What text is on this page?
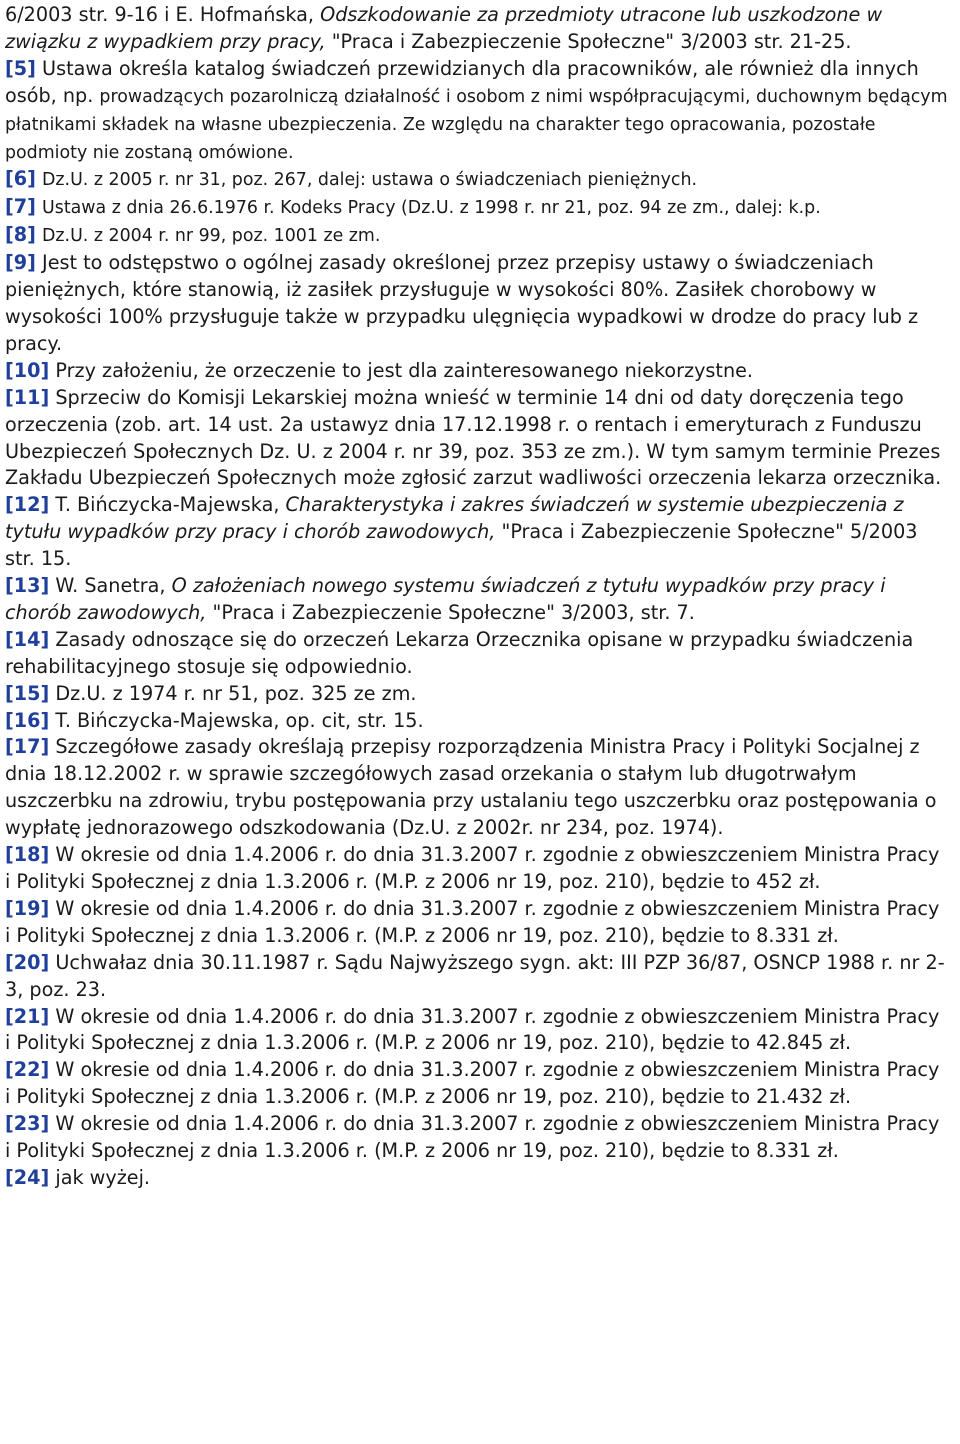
6/2003 str. 9-16 i E. Hofmańska, Odszkodowanie za przedmioty utracone lub uszkodzone w związku z wypadkiem przy pracy, "Praca i Zabezpieczenie Społeczne" 3/2003 str. 21-25.

[ 5 ] Ustawa określa katalog świadczeń przewidzianych dla pracowników, ale również dla innych osób, np. prowadzących pozarolniczą działalność i osobom z nimi współpracującymi, duchownym będącym płatnikami składek na własne ubezpieczenia. Ze względu na charakter tego opracowania, pozostałe podmioty nie zostaną omówione.

[ 6 ] Dz.U. z 2005 r. nr 31, poz. 267, dalej: ustawa o świadczeniach pieniężnych.

[ 7 ] Ustawa z dnia 26.6.1976 r. Kodeks Pracy (Dz.U. z 1998 r. nr 21, poz. 94 ze zm., dalej: k.p.

[ 8 ] Dz.U. z 2004 r. nr 99, poz. 1001 ze zm.

[ 9 ] Jest to odstępstwo o ogólnej zasady określonej przez przepisy ustawy o świadczeniach pieniężnych, które stanowią, iż zasiłek przysługuje w wysokości 80%. Zasiłek chorobowy w wysokości 100% przysługuje także w przypadku ulęgnięcia wypadkowi w drodze do pracy lub z pracy.

[ 10 ] Przy założeniu, że orzeczenie to jest dla zainteresowanego niekorzystne.

[ 11 ] Sprzeciw do Komisji Lekarskiej można wnieść w terminie 14 dni od daty doręczenia tego orzeczenia (zob. art. 14 ust. 2a ustawyz dnia 17.12.1998 r. o rentach i emeryturach z Funduszu Ubezpieczeń Społecznych Dz. U. z 2004 r. nr 39, poz. 353 ze zm.). W tym samym terminie Prezes Zakładu Ubezpieczeń Społecznych może zgłosić zarzut wadliwości orzeczenia lekarza orzecznika.

[ 12 ] T. Bińczycka-Majewska, Charakterystyka i zakres świadczeń w systemie ubezpieczenia z tytułu wypadków przy pracy i chorób zawodowych, "Praca i Zabezpieczenie Społeczne" 5/2003 str. 15.

[ 13 ] W. Sanetra, O założeniach nowego systemu świadczeń z tytułu wypadków przy pracy i chorób zawodowych, "Praca i Zabezpieczenie Społeczne" 3/2003, str. 7.

[ 14 ] Zasady odnoszące się do orzeczeń Lekarza Orzecznika opisane w przypadku świadczenia rehabilitacyjnego stosuje się odpowiednio.

[ 15 ] Dz.U. z 1974 r. nr 51, poz. 325 ze zm.

[ 16 ] T. Bińczycka-Majewska, op. cit, str. 15.

[ 17 ] Szczegółowe zasady określają przepisy rozporządzenia Ministra Pracy i Polityki Socjalnej z dnia 18.12.2002 r. w sprawie szczegółowych zasad orzekania o stałym lub długotrwałym uszczerbku na zdrowiu, trybu postępowania przy ustalaniu tego uszczerbku oraz postępowania o wypłatę jednorazowego odszkodowania (Dz.U. z 2002r. nr 234, poz. 1974).

[ 18 ] W okresie od dnia 1.4.2006 r. do dnia 31.3.2007 r. zgodnie z obwieszczeniem Ministra Pracy i Polityki Społecznej z dnia 1.3.2006 r. (M.P. z 2006 nr 19, poz. 210), będzie to 452 zł.

[ 19 ] W okresie od dnia 1.4.2006 r. do dnia 31.3.2007 r. zgodnie z obwieszczeniem Ministra Pracy i Polityki Społecznej z dnia 1.3.2006 r. (M.P. z 2006 nr 19, poz. 210), będzie to 8.331 zł.

[ 20 ] Uchwałaz dnia 30.11.1987 r. Sądu Najwyższego sygn. akt: III PZP 36/87, OSNCP 1988 r. nr 2-3, poz. 23.

[ 21 ] W okresie od dnia 1.4.2006 r. do dnia 31.3.2007 r. zgodnie z obwieszczeniem Ministra Pracy i Polityki Społecznej z dnia 1.3.2006 r. (M.P. z 2006 nr 19, poz. 210), będzie to 42.845 zł.

[ 22 ] W okresie od dnia 1.4.2006 r. do dnia 31.3.2007 r. zgodnie z obwieszczeniem Ministra Pracy i Polityki Społecznej z dnia 1.3.2006 r. (M.P. z 2006 nr 19, poz. 210), będzie to 21.432 zł.

[ 23 ] W okresie od dnia 1.4.2006 r. do dnia 31.3.2007 r. zgodnie z obwieszczeniem Ministra Pracy i Polityki Społecznej z dnia 1.3.2006 r. (M.P. z 2006 nr 19, poz. 210), będzie to 8.331 zł.

[ 24 ] jak wyżej.
